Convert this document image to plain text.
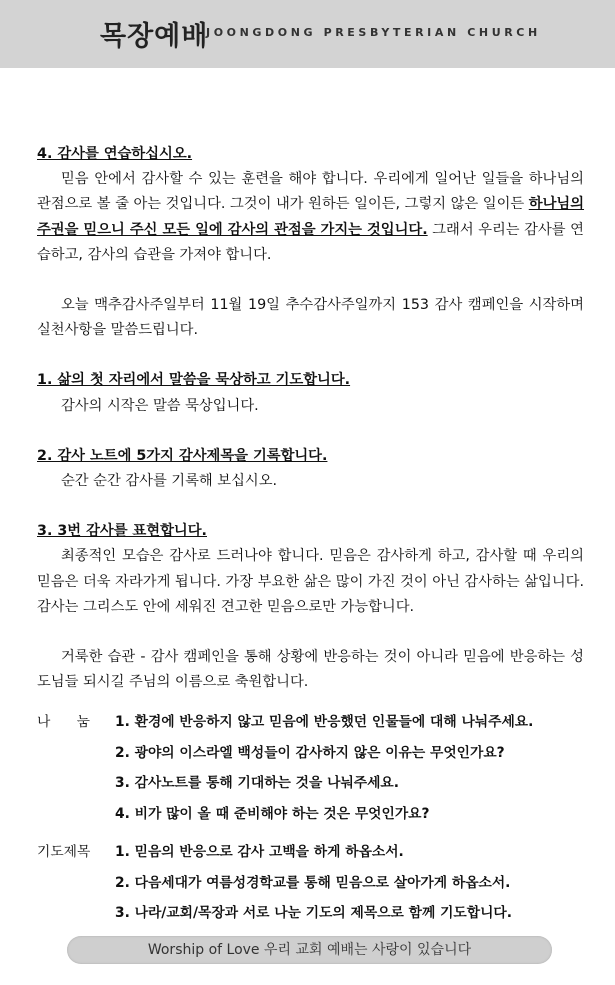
목장예배
JOONGDONG PRESBYTERIAN CHURCH
4. 감사를 연습하십시오.
믿음 안에서 감사할 수 있는 훈련을 해야 합니다. 우리에게 일어난 일들을 하나님의 관점으로 볼 줄 아는 것입니다. 그것이 내가 원하든 일이든, 그렇지 않은 일이든 하나님의 주권을 믿으니 주신 모든 일에 감사의 관점을 가지는 것입니다. 그래서 우리는 감사를 연습하고, 감사의 습관을 가져야 합니다.
오늘 맥추감사주일부터 11월 19일 추수감사주일까지 153 감사 캠페인을 시작하며 실천사항을 말씀드립니다.
1. 삶의 첫 자리에서 말씀을 묵상하고 기도합니다.
감사의 시작은 말씀 묵상입니다.
2. 감사 노트에 5가지 감사제목을 기록합니다.
순간 순간 감사를 기록해 보십시오.
3. 3번 감사를 표현합니다.
최종적인 모습은 감사로 드러나야 합니다. 믿음은 감사하게 하고, 감사할 때 우리의 믿음은 더욱 자라가게 됩니다. 가장 부요한 삶은 많이 가진 것이 아닌 감사하는 삶입니다. 감사는 그리스도 안에 세워진 견고한 믿음으로만 가능합니다.
거룩한 습관 - 감사 캠페인을 통해 상황에 반응하는 것이 아니라 믿음에 반응하는 성도님들 되시길 주님의 이름으로 축원합니다.
나      눔	1. 환경에 반응하지 않고 믿음에 반응했던 인물들에 대해 나눠주세요.
2. 광야의 이스라엘 백성들이 감사하지 않은 이유는 무엇인가요?
3. 감사노트를 통해 기대하는 것을 나눠주세요.
4. 비가 많이 올 때 준비해야 하는 것은 무엇인가요?
기도제목	1. 믿음의 반응으로 감사 고백을 하게 하옵소서.
2. 다음세대가 여름성경학교를 통해 믿음으로 살아가게 하옵소서.
3. 나라/교회/목장과 서로 나눈 기도의 제목으로 함께 기도합니다.
Worship of Love 우리 교회 예배는 사랑이 있습니다
